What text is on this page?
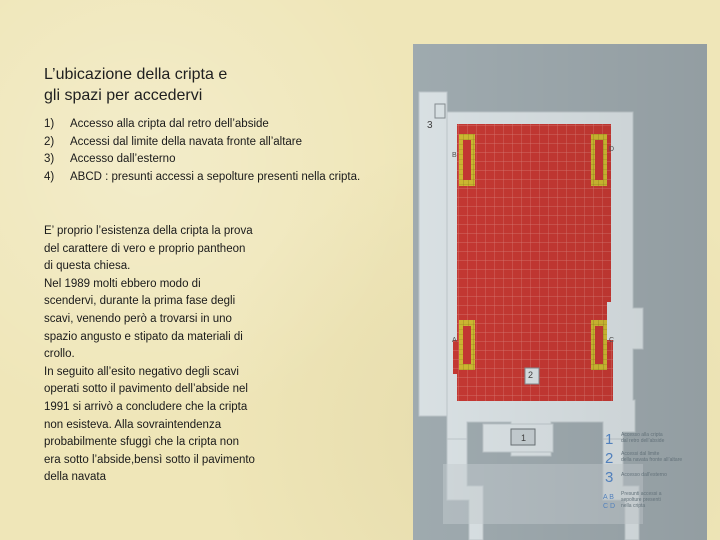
L’ubicazione della cripta e
gli spazi per accedervi
1)	Accesso alla cripta dal retro dell’abside
2)	Accessi dal limite della navata fronte all’altare
3)	Accesso dall’esterno
4)	ABCD : presunti accessi a sepolture presenti nella cripta.
E’ proprio l’esistenza della cripta la prova
del carattere di vero e proprio pantheon
di questa chiesa.
Nel 1989 molti ebbero modo di
scendervi, durante la prima fase degli
scavi, venendo però a trovarsi in uno
spazio angusto e stipato da materiali di
crollo.
In seguito all’esito negativo degli scavi
operati sotto il pavimento dell’abside nel
1991 si arrivò a concludere che la cripta
non esisteva. Alla sovraintendenza
probabilmente sfuggì che la cripta non
era sotto l’abside,bensì sotto il pavimento
della navata
